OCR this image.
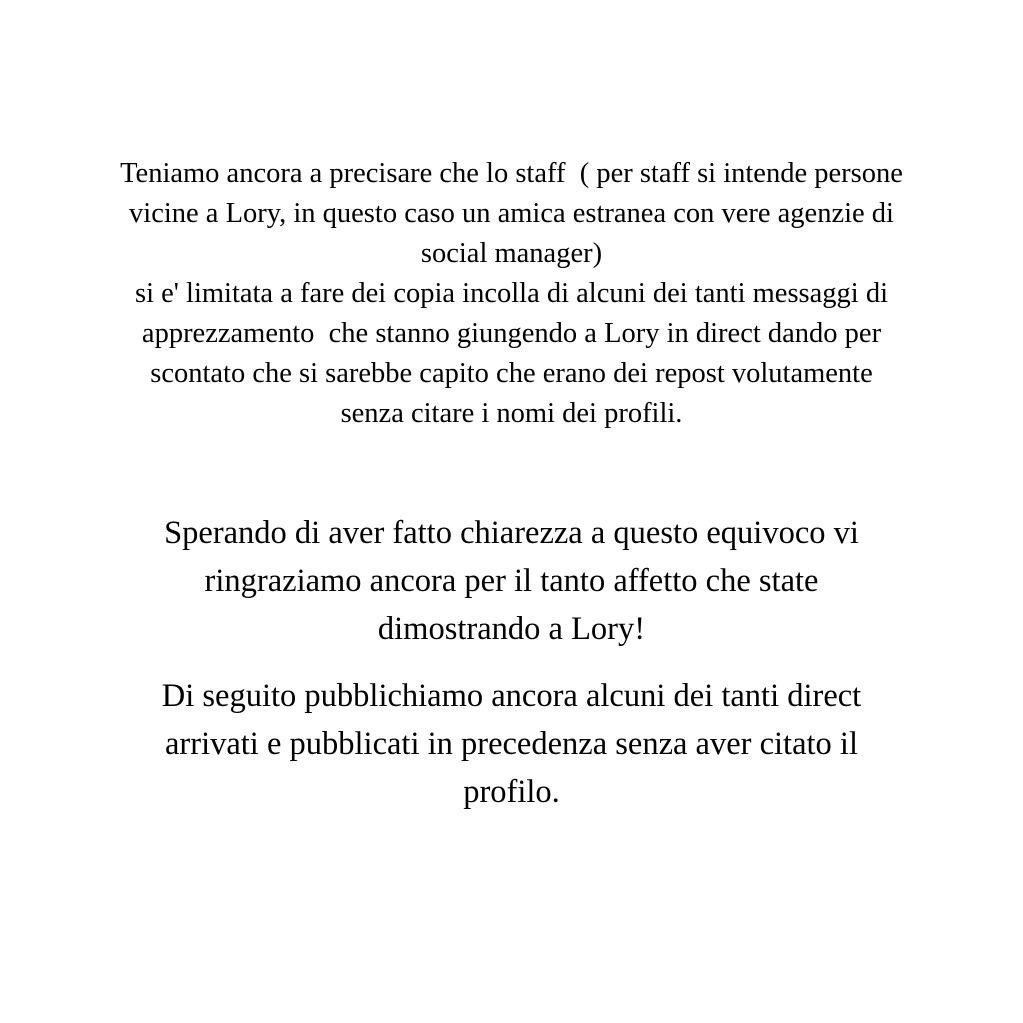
Teniamo ancora a precisare che lo staff  ( per staff si intende persone
vicine a Lory, in questo caso un amica estranea con vere agenzie di
social manager)
si e' limitata a fare dei copia incolla di alcuni dei tanti messaggi di
apprezzamento  che stanno giungendo a Lory in direct dando per
scontato che si sarebbe capito che erano dei repost volutamente
senza citare i nomi dei profili.
Sperando di aver fatto chiarezza a questo equivoco vi
ringraziamo ancora per il tanto affetto che state
dimostrando a Lory!
Di seguito pubblichiamo ancora alcuni dei tanti direct
arrivati e pubblicati in precedenza senza aver citato il
profilo.
